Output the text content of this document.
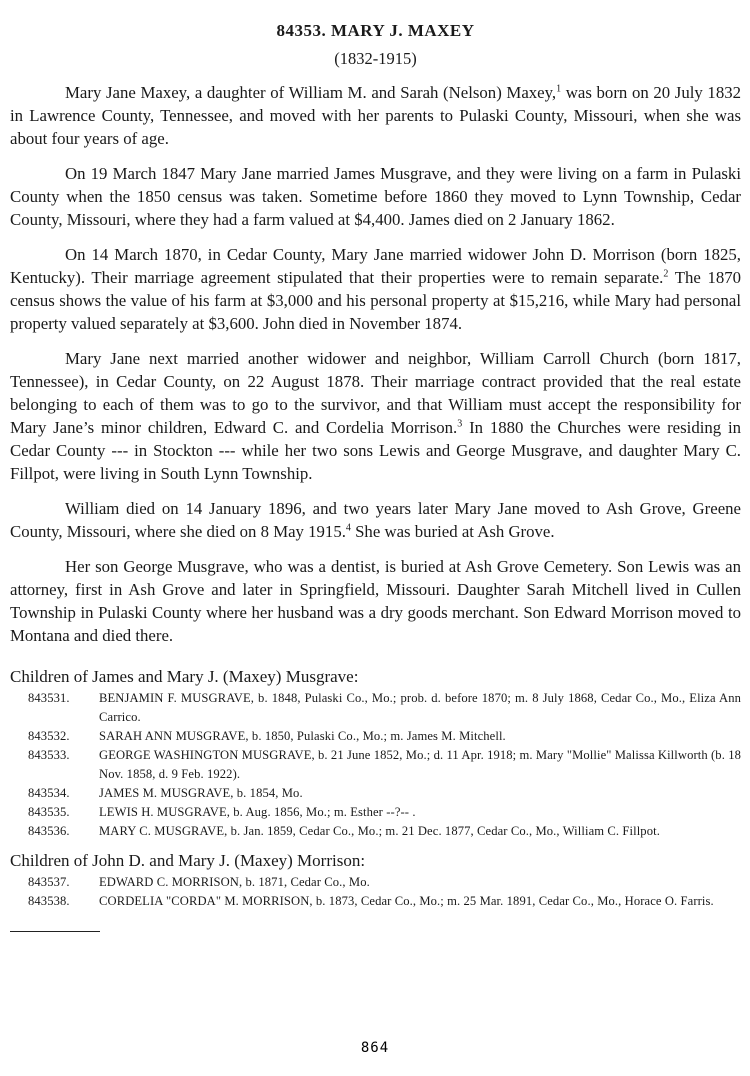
84353. MARY J. MAXEY
(1832-1915)

Mary Jane Maxey, a daughter of William M. and Sarah (Nelson) Maxey,$^1$ was born on 20 July 1832 in Lawrence County, Tennessee, and moved with her parents to Pulaski County, Missouri, when she was about four years of age.

On 19 March 1847 Mary Jane married James Musgrave, and they were living on a farm in Pulaski County when the 1850 census was taken. Sometime before 1860 they moved to Lynn Township, Cedar County, Missouri, where they had a farm valued at $4,400. James died on 2 January 1862.

On 14 March 1870, in Cedar County, Mary Jane married widower John D. Morrison (born 1825, Kentucky). Their marriage agreement stipulated that their properties were to remain separate.$^2$ The 1870 census shows the value of his farm at $3,000 and his personal property at $15,216, while Mary had personal property valued separately at $3,600. John died in November 1874.

Mary Jane next married another widower and neighbor, William Carroll Church (born 1817, Tennessee), in Cedar County, on 22 August 1878. Their marriage contract provided that the real estate belonging to each of them was to go to the survivor, and that William must accept the responsibility for Mary Jane’s minor children, Edward C. and Cordelia Morrison.$^3$ In 1880 the Churches were residing in Cedar County --- in Stockton --- while her two sons Lewis and George Musgrave, and daughter Mary C. Fillpot, were living in South Lynn Township.

William died on 14 January 1896, and two years later Mary Jane moved to Ash Grove, Greene County, Missouri, where she died on 8 May 1915.$^4$ She was buried at Ash Grove.

Her son George Musgrave, who was a dentist, is buried at Ash Grove Cemetery. Son Lewis was an attorney, first in Ash Grove and later in Springfield, Missouri. Daughter Sarah Mitchell lived in Cullen Township in Pulaski County where her husband was a dry goods merchant. Son Edward Morrison moved to Montana and died there.

Children of James and Mary J. (Maxey) Musgrave:
843531. BENJAMIN F. MUSGRAVE, b. 1848, Pulaski Co., Mo.; prob. d. before 1870; m. 8 July 1868, Cedar Co., Mo., Eliza Ann Carrico.
843532. SARAH ANN MUSGRAVE, b. 1850, Pulaski Co., Mo.; m. James M. Mitchell.
843533. GEORGE WASHINGTON MUSGRAVE, b. 21 June 1852, Mo.; d. 11 Apr. 1918; m. Mary "Mollie" Malissa Killworth (b. 18 Nov. 1858, d. 9 Feb. 1922).
843534. JAMES M. MUSGRAVE, b. 1854, Mo.
843535. LEWIS H. MUSGRAVE, b. Aug. 1856, Mo.; m. Esther --?-- .
843536. MARY C. MUSGRAVE, b. Jan. 1859, Cedar Co., Mo.; m. 21 Dec. 1877, Cedar Co., Mo., William C. Fillpot.
Children of John D. and Mary J. (Maxey) Morrison:
843537. EDWARD C. MORRISON, b. 1871, Cedar Co., Mo.
843538. CORDELIA "CORDA" M. MORRISON, b. 1873, Cedar Co., Mo.; m. 25 Mar. 1891, Cedar Co., Mo., Horace O. Farris.
864
